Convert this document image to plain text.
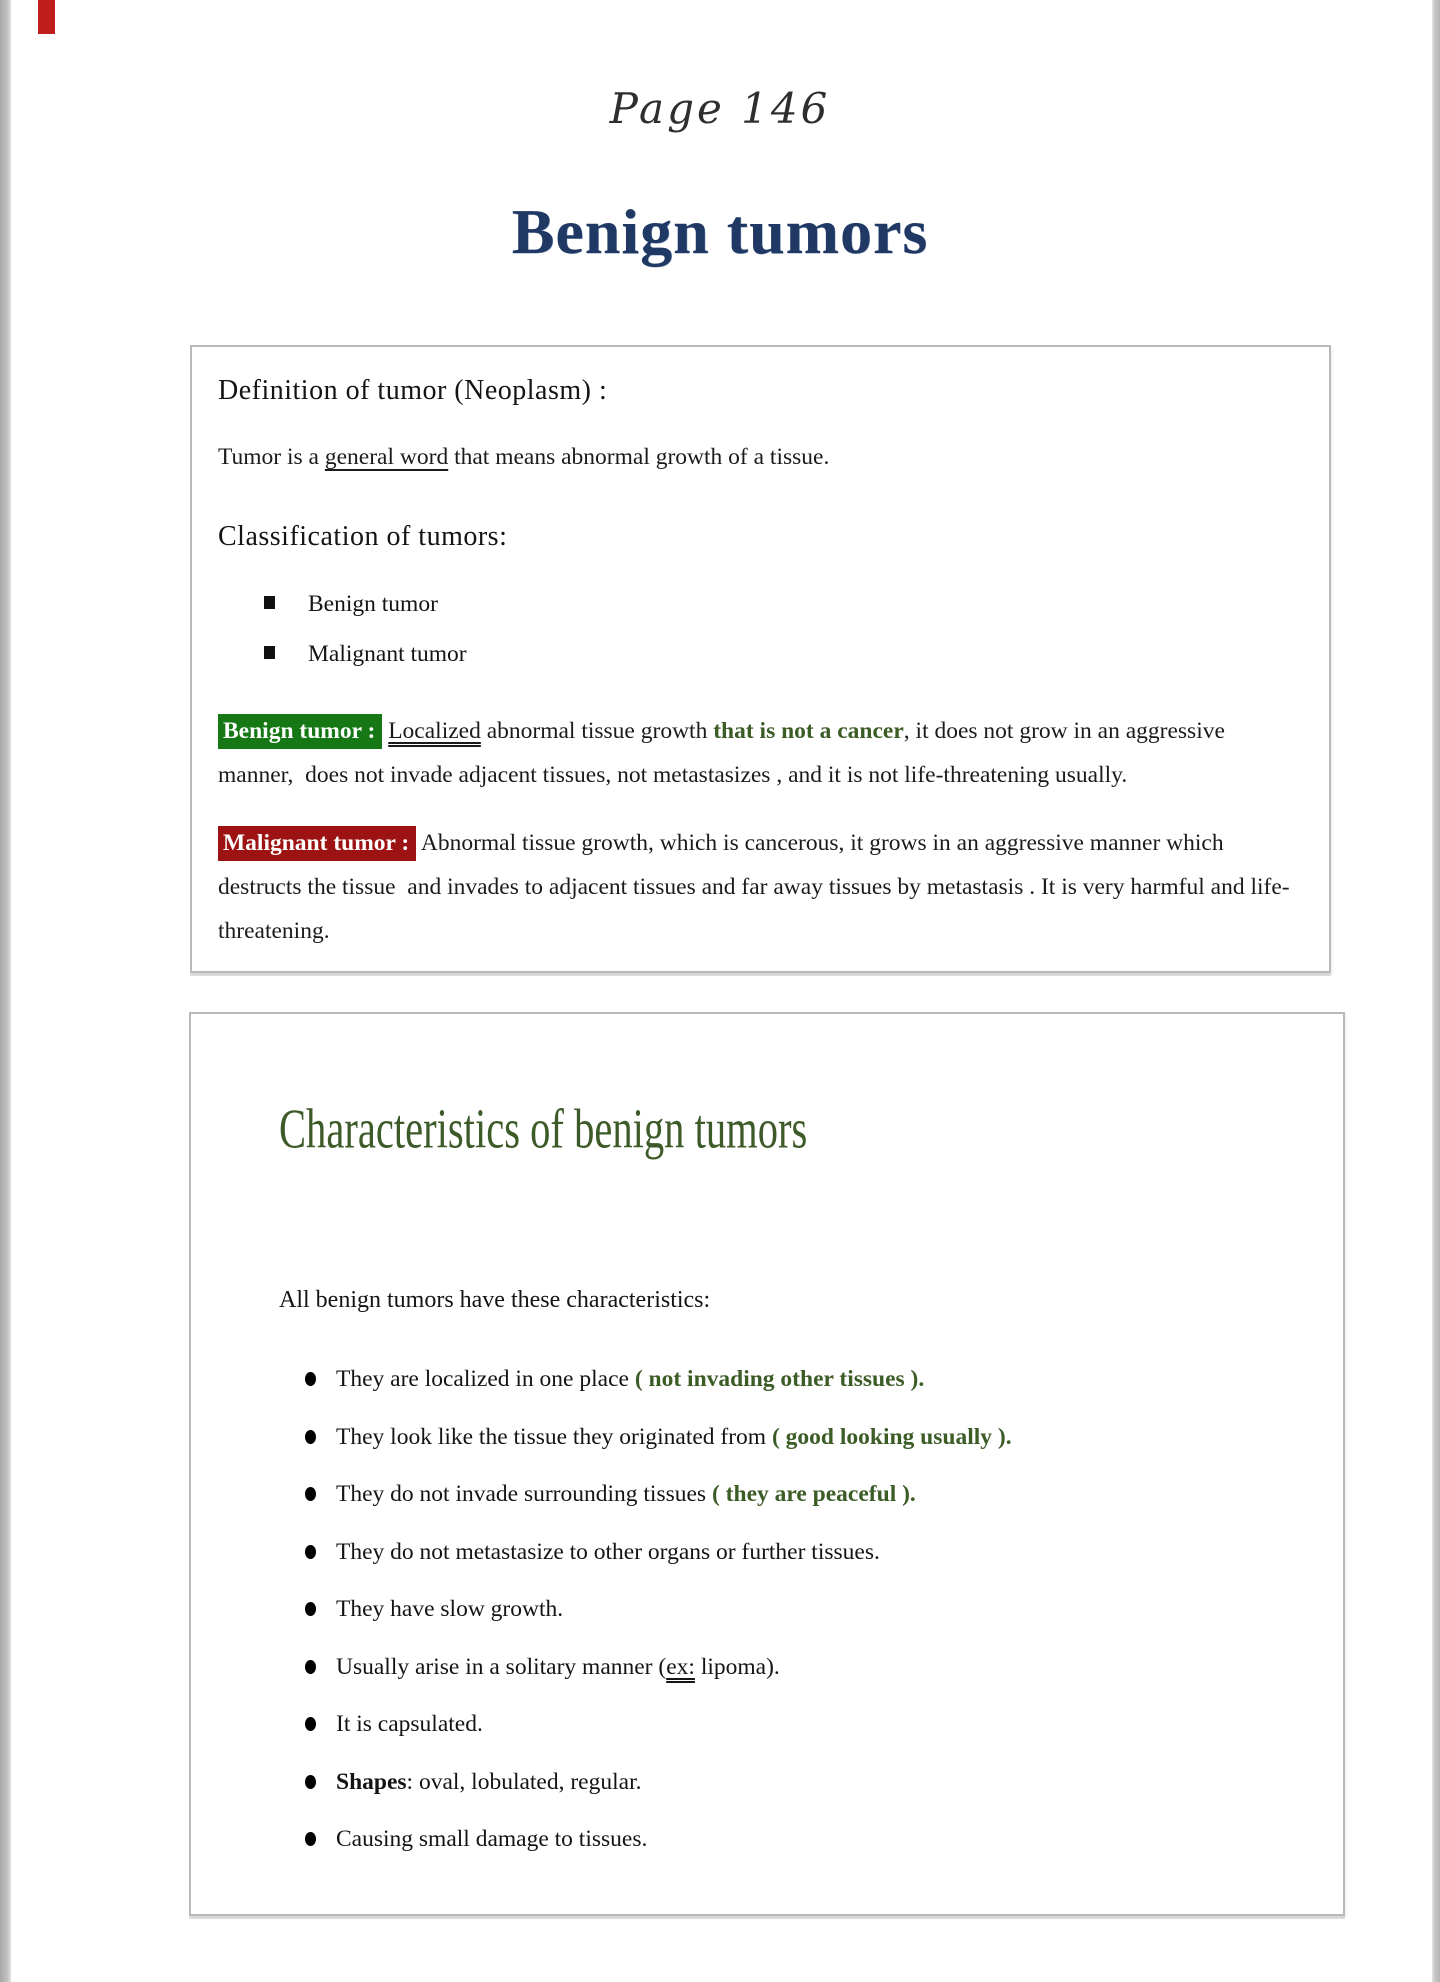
Page 146
Benign tumors
Definition of tumor (Neoplasm) :

Tumor is a general word that means abnormal growth of a tissue.

Classification of tumors:
Benign tumor
Malignant tumor

Benign tumor : Localized abnormal tissue growth that is not a cancer, it does not grow in an aggressive manner, does not invade adjacent tissues, not metastasizes , and it is not life-threatening usually.

Malignant tumor : Abnormal tissue growth, which is cancerous, it grows in an aggressive manner which destructs the tissue and invades to adjacent tissues and far away tissues by metastasis . It is very harmful and life-threatening.

Characteristics of benign tumors

All benign tumors have these characteristics:

They are localized in one place ( not invading other tissues ).
They look like the tissue they originated from ( good looking usually ).
They do not invade surrounding tissues ( they are peaceful ).
They do not metastasize to other organs or further tissues.
They have slow growth.
Usually arise in a solitary manner (ex: lipoma).
It is capsulated.
Shapes: oval, lobulated, regular.
Causing small damage to tissues.
